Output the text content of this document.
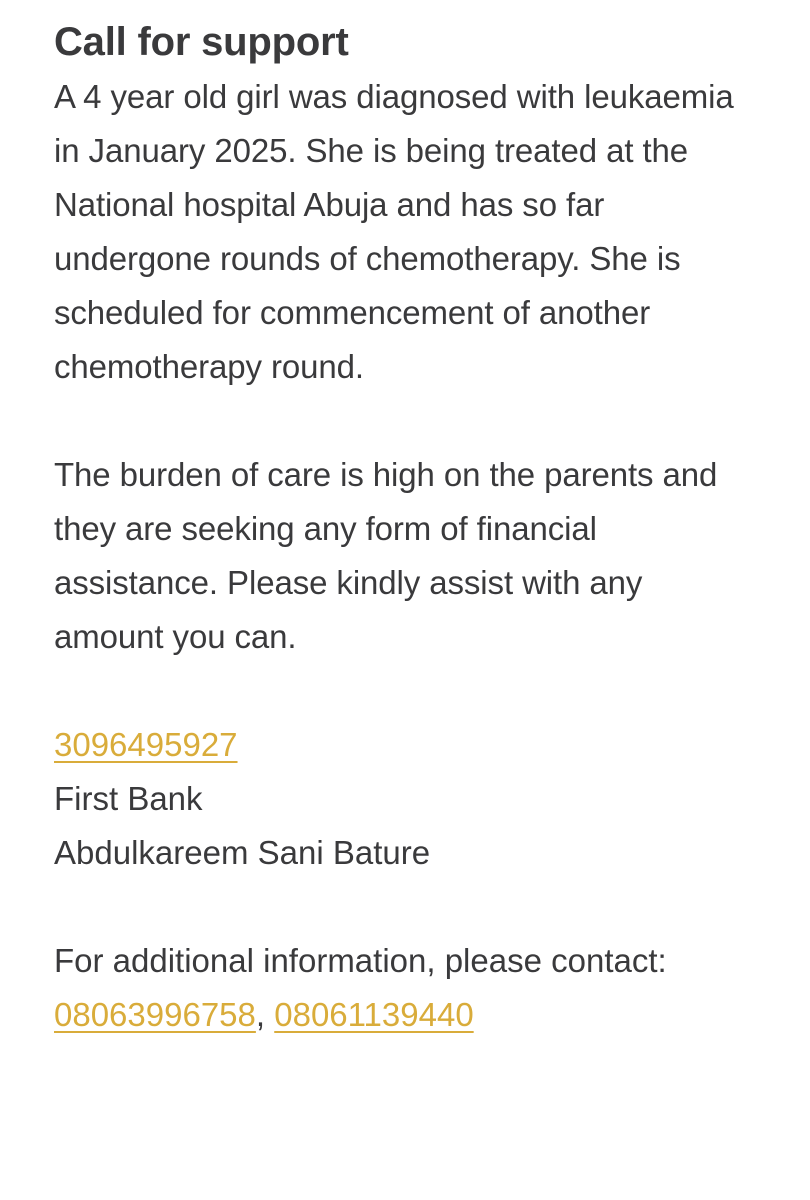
Call for support

A 4 year old girl was diagnosed with leukaemia in January 2025. She is being treated at the National hospital Abuja and has so far undergone rounds of chemotherapy. She is scheduled for commencement of another chemotherapy round.

The burden of care is high on the parents and they are seeking any form of financial assistance. Please kindly assist with any amount you can.

3096495927
First Bank
Abdulkareem Sani Bature
For additional information, please contact:
08063996758, 08061139440
